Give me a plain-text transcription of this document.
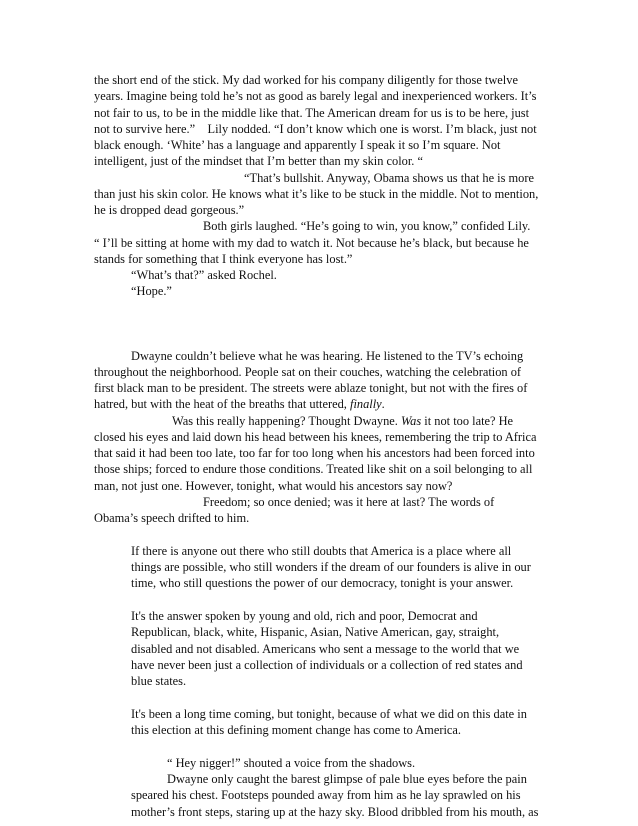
the short end of the stick. My dad worked for his company diligently for those twelve
years. Imagine being told he’s not as good as barely legal and inexperienced workers. It’s
not fair to us, to be in the middle like that. The American dream for us is to be here, just
not to survive here.”    Lily nodded. “I don’t know which one is worst. I’m black, just not
black enough. ‘White’ has a language and apparently I speak it so I’m square. Not
intelligent, just of the mindset that I’m better than my skin color. “
“That’s bullshit. Anyway, Obama shows us that he is more
than just his skin color. He knows what it’s like to be stuck in the middle. Not to mention,
he is dropped dead gorgeous.”
Both girls laughed. “He’s going to win, you know,” confided Lily.
“ I’ll be sitting at home with my dad to watch it. Not because he’s black, but because he
stands for something that I think everyone has lost.”
“What’s that?” asked Rochel.
“Hope.”
Dwayne couldn’t believe what he was hearing. He listened to the TV’s echoing
throughout the neighborhood. People sat on their couches, watching the celebration of
first black man to be president. The streets were ablaze tonight, but not with the fires of
hatred, but with the heat of the breaths that uttered, finally.
Was this really happening? Thought Dwayne. Was it not too late? He
closed his eyes and laid down his head between his knees, remembering the trip to Africa
that said it had been too late, too far for too long when his ancestors had been forced into
those ships; forced to endure those conditions. Treated like shit on a soil belonging to all
man, not just one. However, tonight, what would his ancestors say now?
Freedom; so once denied; was it here at last? The words of
Obama’s speech drifted to him.
If there is anyone out there who still doubts that America is a place where all
things are possible, who still wonders if the dream of our founders is alive in our
time, who still questions the power of our democracy, tonight is your answer.
It's the answer spoken by young and old, rich and poor, Democrat and
Republican, black, white, Hispanic, Asian, Native American, gay, straight,
disabled and not disabled. Americans who sent a message to the world that we
have never been just a collection of individuals or a collection of red states and
blue states.
It's been a long time coming, but tonight, because of what we did on this date in
this election at this defining moment change has come to America.
“ Hey nigger!” shouted a voice from the shadows.
Dwayne only caught the barest glimpse of pale blue eyes before the pain
speared his chest. Footsteps pounded away from him as he lay sprawled on his
mother’s front steps, staring up at the hazy sky. Blood dribbled from his mouth, as
